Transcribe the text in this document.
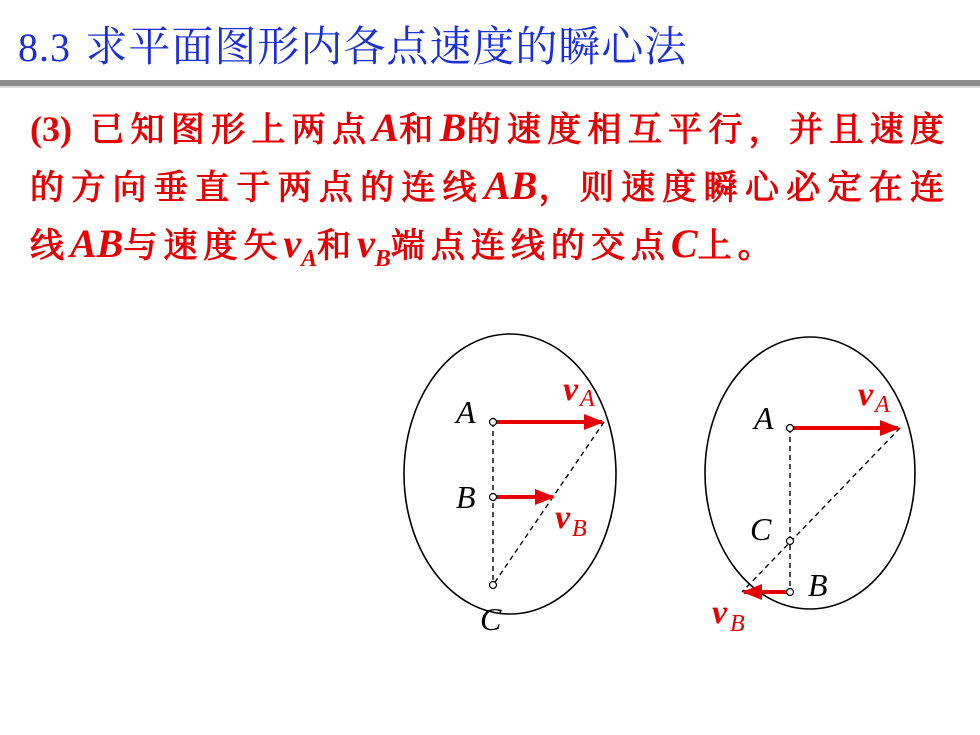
8.3 求平面图形内各点速度的瞬心法
(3) 已知图形上两点A和B的速度相互平行，并且速度的方向垂直于两点的连线AB，则速度瞬心必定在连线AB与速度矢$v_A$和$v_B$端点连线的交点C上。
A
B
C
v A
v B
A
C
B
v A
v B
